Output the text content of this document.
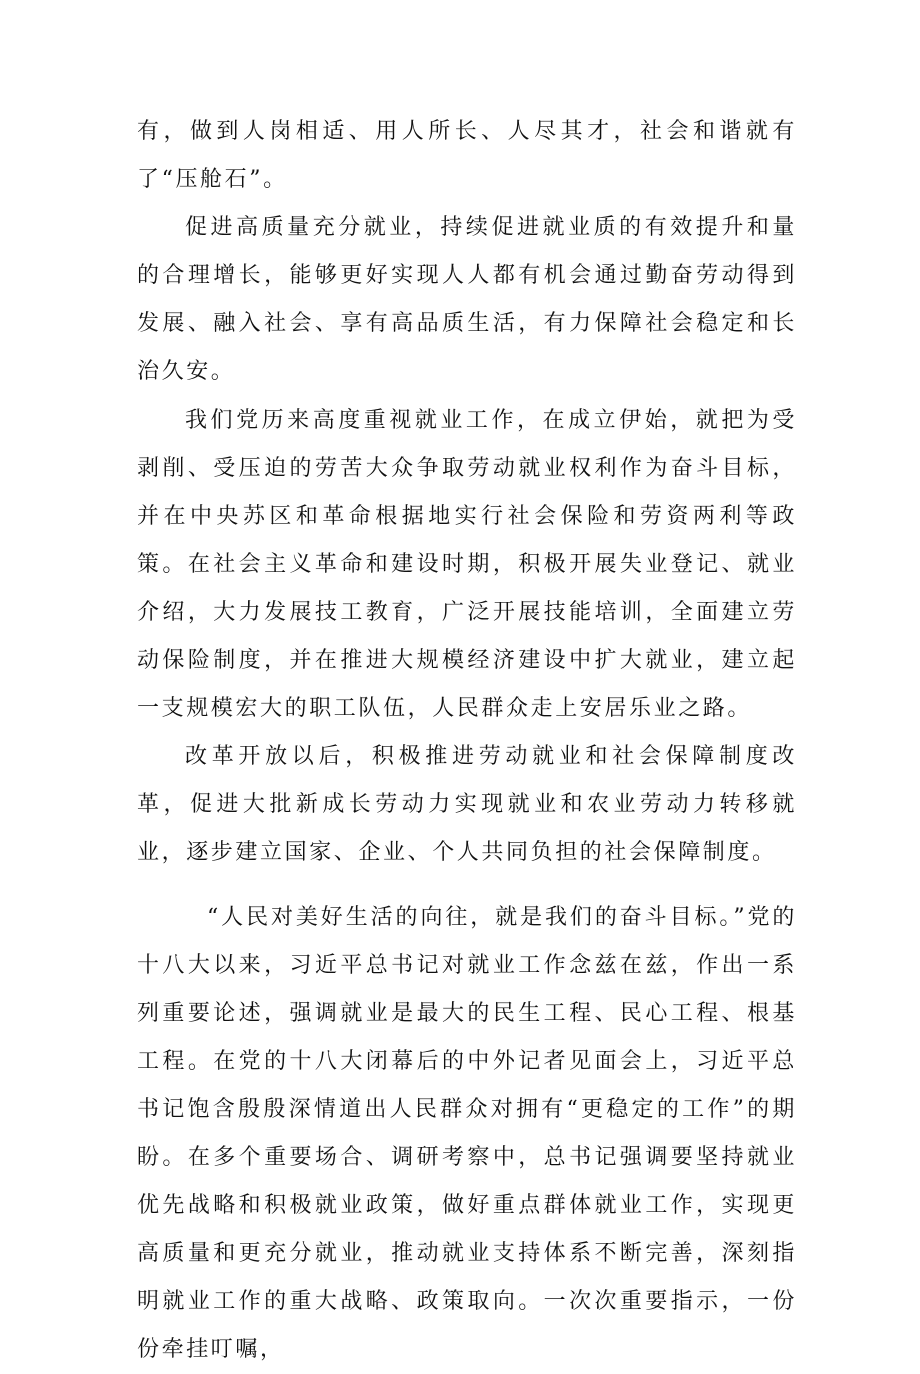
有，做到人岗相适、用人所长、人尽其才，社会和谐就有了“压舱石”。

促进高质量充分就业，持续促进就业质的有效提升和量的合理增长，能够更好实现人人都有机会通过勤奋劳动得到发展、融入社会、享有高品质生活，有力保障社会稳定和长治久安。

我们党历来高度重视就业工作，在成立伊始，就把为受剥削、受压迫的劳苦大众争取劳动就业权利作为奋斗目标，并在中央苏区和革命根据地实行社会保险和劳资两利等政策。在社会主义革命和建设时期，积极开展失业登记、就业介绍，大力发展技工教育，广泛开展技能培训，全面建立劳动保险制度，并在推进大规模经济建设中扩大就业，建立起一支规模宏大的职工队伍，人民群众走上安居乐业之路。

改革开放以后，积极推进劳动就业和社会保障制度改革，促进大批新成长劳动力实现就业和农业劳动力转移就业，逐步建立国家、企业、个人共同负担的社会保障制度。

“人民对美好生活的向往，就是我们的奋斗目标。”党的十八大以来，习近平总书记对就业工作念兹在兹，作出一系列重要论述，强调就业是最大的民生工程、民心工程、根基工程。在党的十八大闭幕后的中外记者见面会上，习近平总书记饱含殷殷深情道出人民群众对拥有“更稳定的工作”的期盼。在多个重要场合、调研考察中，总书记强调要坚持就业优先战略和积极就业政策，做好重点群体就业工作，实现更高质量和更充分就业，推动就业支持体系不断完善，深刻指明就业工作的重大战略、政策取向。一次次重要指示，一份份牵挂叮嘱，
